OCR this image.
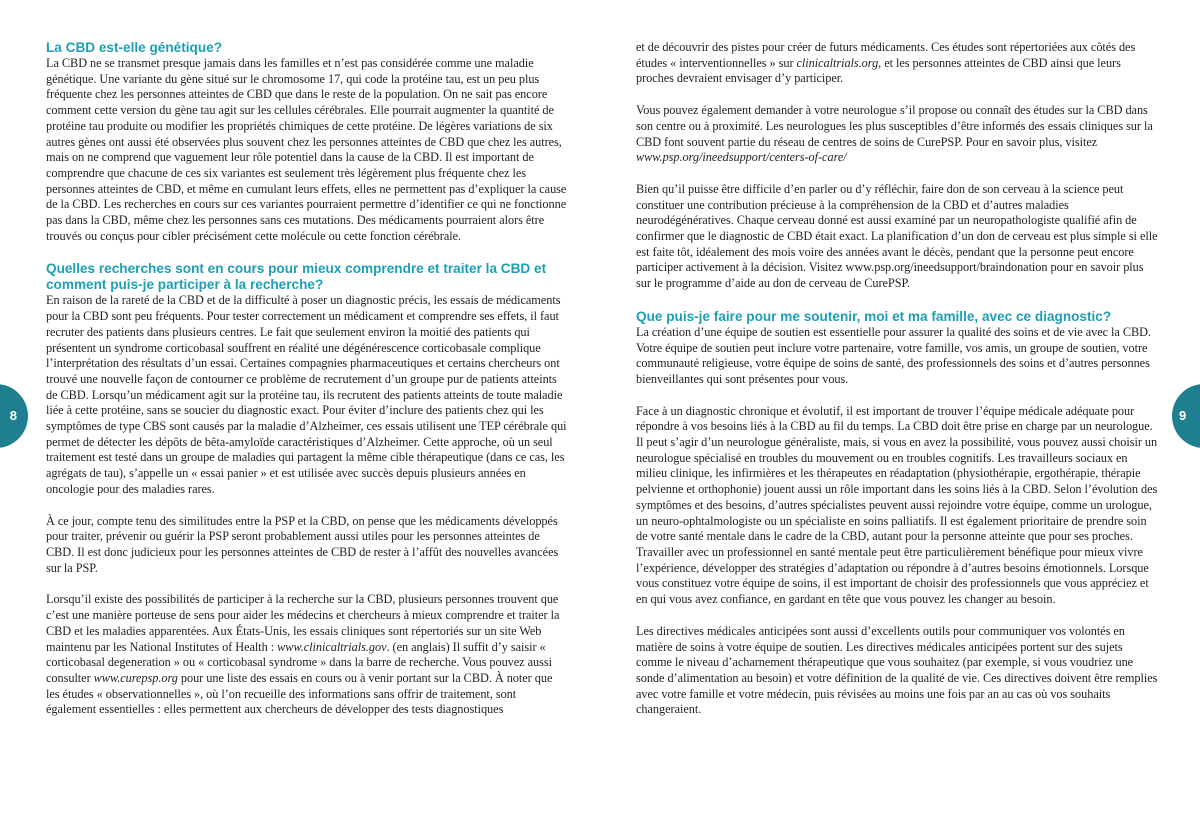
8	9
La CBD est-elle génétique?

La CBD ne se transmet presque jamais dans les familles et n’est pas considérée comme une maladie génétique. Une variante du gène situé sur le chromosome 17, qui code la protéine tau, est un peu plus fréquente chez les personnes atteintes de CBD que dans le reste de la population. On ne sait pas encore comment cette version du gène tau agit sur les cellules cérébrales. Elle pourrait augmenter la quantité de protéine tau produite ou modifier les propriétés chimiques de cette protéine. De légères variations de six autres gènes ont aussi été observées plus souvent chez les personnes atteintes de CBD que chez les autres, mais on ne comprend que vaguement leur rôle potentiel dans la cause de la CBD. Il est important de comprendre que chacune de ces six variantes est seulement très légèrement plus fréquente chez les personnes atteintes de CBD, et même en cumulant leurs effets, elles ne permettent pas d’expliquer la cause de la CBD. Les recherches en cours sur ces variantes pourraient permettre d’identifier ce qui ne fonctionne pas dans la CBD, même chez les personnes sans ces mutations. Des médicaments pourraient alors être trouvés ou conçus pour cibler précisément cette molécule ou cette fonction cérébrale.

Quelles recherches sont en cours pour mieux comprendre et traiter la CBD et comment puis-je participer à la recherche?

En raison de la rareté de la CBD et de la difficulté à poser un diagnostic précis, les essais de médicaments pour la CBD sont peu fréquents. Pour tester correctement un médicament et comprendre ses effets, il faut recruter des patients dans plusieurs centres. Le fait que seulement environ la moitié des patients qui présentent un syndrome corticobasal souffrent en réalité une dégénérescence corticobasale complique l’interprétation des résultats d’un essai. Certaines compagnies pharmaceutiques et certains chercheurs ont trouvé une nouvelle façon de contourner ce problème de recrutement d’un groupe pur de patients atteints de CBD. Lorsqu’un médicament agit sur la protéine tau, ils recrutent des patients atteints de toute maladie liée à cette protéine, sans se soucier du diagnostic exact. Pour éviter d’inclure des patients chez qui les symptômes de type CBS sont causés par la maladie d’Alzheimer, ces essais utilisent une TEP cérébrale qui permet de détecter les dépôts de bêta-amyloïde caractéristiques d’Alzheimer. Cette approche, où un seul traitement est testé dans un groupe de maladies qui partagent la même cible thérapeutique (dans ce cas, les agrégats de tau), s’appelle un « essai panier » et est utilisée avec succès depuis plusieurs années en oncologie pour des maladies rares.

À ce jour, compte tenu des similitudes entre la PSP et la CBD, on pense que les médicaments développés pour traiter, prévenir ou guérir la PSP seront probablement aussi utiles pour les personnes atteintes de CBD. Il est donc judicieux pour les personnes atteintes de CBD de rester à l’affût des nouvelles avancées sur la PSP.

Lorsqu’il existe des possibilités de participer à la recherche sur la CBD, plusieurs personnes trouvent que c’est une manière porteuse de sens pour aider les médecins et chercheurs à mieux comprendre et traiter la CBD et les maladies apparentées. Aux États-Unis, les essais cliniques sont répertoriés sur un site Web maintenu par les National Institutes of Health : www.clinicaltrials.gov. (en anglais) Il suffit d’y saisir « corticobasal degeneration » ou « corticobasal syndrome » dans la barre de recherche. Vous pouvez aussi consulter www.curepsp.org pour une liste des essais en cours ou à venir portant sur la CBD. À noter que les études « observationnelles », où l’on recueille des informations sans offrir de traitement, sont également essentielles : elles permettent aux chercheurs de développer des tests diagnostiques

et de découvrir des pistes pour créer de futurs médicaments. Ces études sont répertoriées aux côtés des études « interventionnelles » sur clinicaltrials.org, et les personnes atteintes de CBD ainsi que leurs proches devraient envisager d’y participer.

Vous pouvez également demander à votre neurologue s’il propose ou connaît des études sur la CBD dans son centre ou à proximité. Les neurologues les plus susceptibles d’être informés des essais cliniques sur la CBD font souvent partie du réseau de centres de soins de CurePSP. Pour en savoir plus, visitez www.psp.org/ineedsupport/centers-of-care/

Bien qu’il puisse être difficile d’en parler ou d’y réfléchir, faire don de son cerveau à la science peut constituer une contribution précieuse à la compréhension de la CBD et d’autres maladies neurodégénératives. Chaque cerveau donné est aussi examiné par un neuropathologiste qualifié afin de confirmer que le diagnostic de CBD était exact. La planification d’un don de cerveau est plus simple si elle est faite tôt, idéalement des mois voire des années avant le décès, pendant que la personne peut encore participer activement à la décision. Visitez www.psp.org/ineedsupport/braindonation pour en savoir plus sur le programme d’aide au don de cerveau de CurePSP.

Que puis-je faire pour me soutenir, moi et ma famille, avec ce diagnostic?

La création d’une équipe de soutien est essentielle pour assurer la qualité des soins et de vie avec la CBD. Votre équipe de soutien peut inclure votre partenaire, votre famille, vos amis, un groupe de soutien, votre communauté religieuse, votre équipe de soins de santé, des professionnels des soins et d’autres personnes bienveillantes qui sont présentes pour vous.

Face à un diagnostic chronique et évolutif, il est important de trouver l’équipe médicale adéquate pour répondre à vos besoins liés à la CBD au fil du temps. La CBD doit être prise en charge par un neurologue. Il peut s’agir d’un neurologue généraliste, mais, si vous en avez la possibilité, vous pouvez aussi choisir un neurologue spécialisé en troubles du mouvement ou en troubles cognitifs. Les travailleurs sociaux en milieu clinique, les infirmières et les thérapeutes en réadaptation (physiothérapie, ergothérapie, thérapie pelvienne et orthophonie) jouent aussi un rôle important dans les soins liés à la CBD. Selon l’évolution des symptômes et des besoins, d’autres spécialistes peuvent aussi rejoindre votre équipe, comme un urologue, un neuro-ophtalmologiste ou un spécialiste en soins palliatifs. Il est également prioritaire de prendre soin de votre santé mentale dans le cadre de la CBD, autant pour la personne atteinte que pour ses proches. Travailler avec un professionnel en santé mentale peut être particulièrement bénéfique pour mieux vivre l’expérience, développer des stratégies d’adaptation ou répondre à d’autres besoins émotionnels. Lorsque vous constituez votre équipe de soins, il est important de choisir des professionnels que vous appréciez et en qui vous avez confiance, en gardant en tête que vous pouvez les changer au besoin.

Les directives médicales anticipées sont aussi d’excellents outils pour communiquer vos volontés en matière de soins à votre équipe de soutien. Les directives médicales anticipées portent sur des sujets comme le niveau d’acharnement thérapeutique que vous souhaitez (par exemple, si vous voudriez une sonde d’alimentation au besoin) et votre définition de la qualité de vie. Ces directives doivent être remplies avec votre famille et votre médecin, puis révisées au moins une fois par an au cas où vos souhaits changeraient.
